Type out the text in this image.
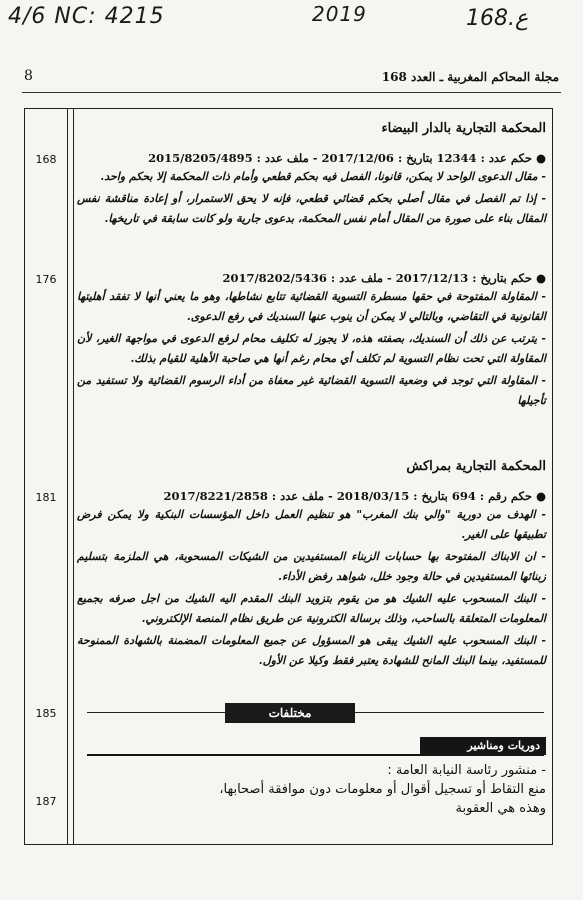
4/6 NC: 4215	2019	168.ع
مجلة المحاكم المغربية ـ العدد 168
8
المحكمة التجارية بالدار البيضاء
168	●حكم عدد : 12344 بتاريخ : 2017/12/06 - ملف عدد : 2015/8205/4895
- مقال الدعوى الواحد لا يمكن، قانونا، الفصل فيه بحكم قطعي وأمام ذات المحكمة إلا بحكم واحد.
- إذا تم الفصل في مقال أصلي بحكم قضائي قطعي، فإنه لا يحق الاستمرار، أو إعادة مناقشة نفس المقال بناء على صورة من المقال أمام نفس المحكمة، بدعوى جارية ولو كانت سابقة في تاريخها.
176	●حكم بتاريخ : 2017/12/13 - ملف عدد : 2017/8202/5436
- المقاولة المفتوحة في حقها مسطرة التسوية القضائية تتابع نشاطها، وهو ما يعني أنها لا تفقد أهليتها القانونية في التقاضي، وبالتالي لا يمكن أن ينوب عنها السنديك في رفع الدعوى.
- يترتب عن ذلك أن السنديك، بصفته هذه، لا يجوز له تكليف محام لرفع الدعوى في مواجهة الغير، لأن المقاولة التي تحت نظام التسوية لم تكلف أي محام رغم أنها هي صاحبة الأهلية للقيام بذلك.
- المقاولة التي توجد في وضعية التسوية القضائية غير معفاة من أداء الرسوم القضائية ولا تستفيد من تأجيلها
المحكمة التجارية بمراكش
181	●حكم رقم : 694 بتاريخ : 2018/03/15 - ملف عدد : 2017/8221/2858
- الهدف من دورية "والي بنك المغرب" هو تنظيم العمل داخل المؤسسات البنكية ولا يمكن فرض تطبيقها على الغير.
- ان الابناك المفتوحة بها حسابات الزبناء المستفيدين من الشيكات المسحوبة، هي الملزمة بتسليم زبنائها المستفيدين في حالة وجود خلل، شواهد رفض الأداء.
- البنك المسحوب عليه الشيك هو من يقوم بتزويد البنك المقدم اليه الشيك من اجل صرفه بجميع المعلومات المتعلقة بالساحب، وذلك برسالة الكترونية عن طريق نظام المنصة الإلكتروني.
- البنك المسحوب عليه الشيك يبقى هو المسؤول عن جميع المعلومات المضمنة بالشهادة الممنوحة للمستفيد، بينما البنك المانح للشهادة يعتبر فقط وكيلا عن الأول.
185	مختلفات
دوريات ومناشير
187
- منشور رئاسة النيابة العامة :
منع التقاط أو تسجيل أقوال أو معلومات دون موافقة أصحابها،
وهذه هي العقوبة
